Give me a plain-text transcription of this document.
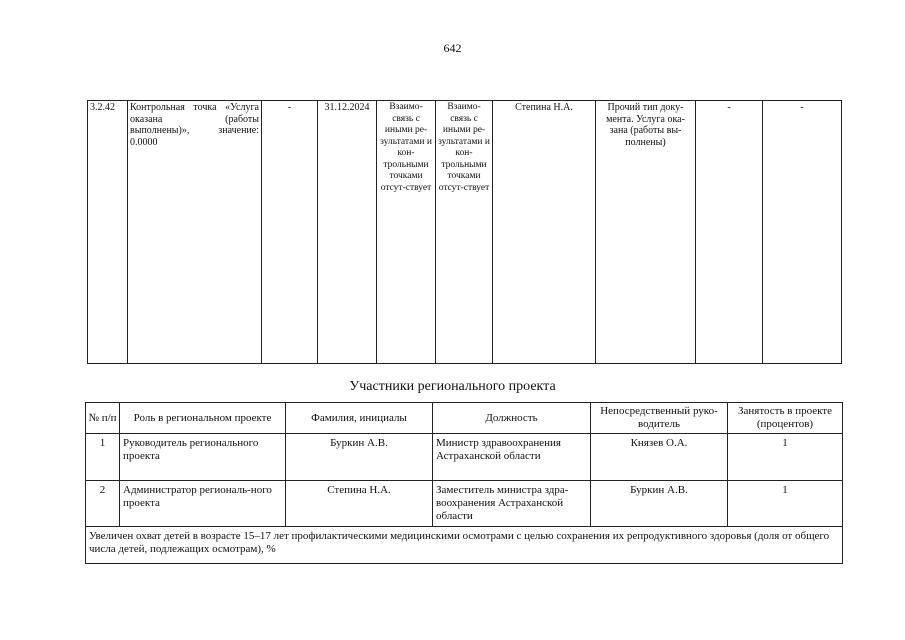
642
3.2.42	Контрольная точка «Услуга оказана (работы выполнены)», значение: 0.0000	-	31.12.2024	Взаимо-связь с иными ре-зультатами и кон-трольными точками отсут-ствует	Взаимо-связь с иными ре-зультатами и кон-трольными точками отсут-ствует	Степина Н.А.	Прочий тип доку-мента. Услуга ока-зана (работы вы-полнены)	-	-
Участники регионального проекта
№ п/п	Роль в региональном проекте	Фамилия, инициалы	Должность	Непосредственный руко-водитель	Занятость в проекте (процентов)
1	Руководитель регионального проекта	Буркин А.В.	Министр здравоохранения Астраханской области	Князев О.А.	1
2	Администратор региональ-ного проекта	Степина Н.А.	Заместитель министра здра-воохранения Астраханской области	Буркин А.В.	1
Увеличен охват детей в возрасте 15–17 лет профилактическими медицинскими осмотрами с целью сохранения их репродуктивного здоровья (доля от общего числа детей, подлежащих осмотрам), %					
